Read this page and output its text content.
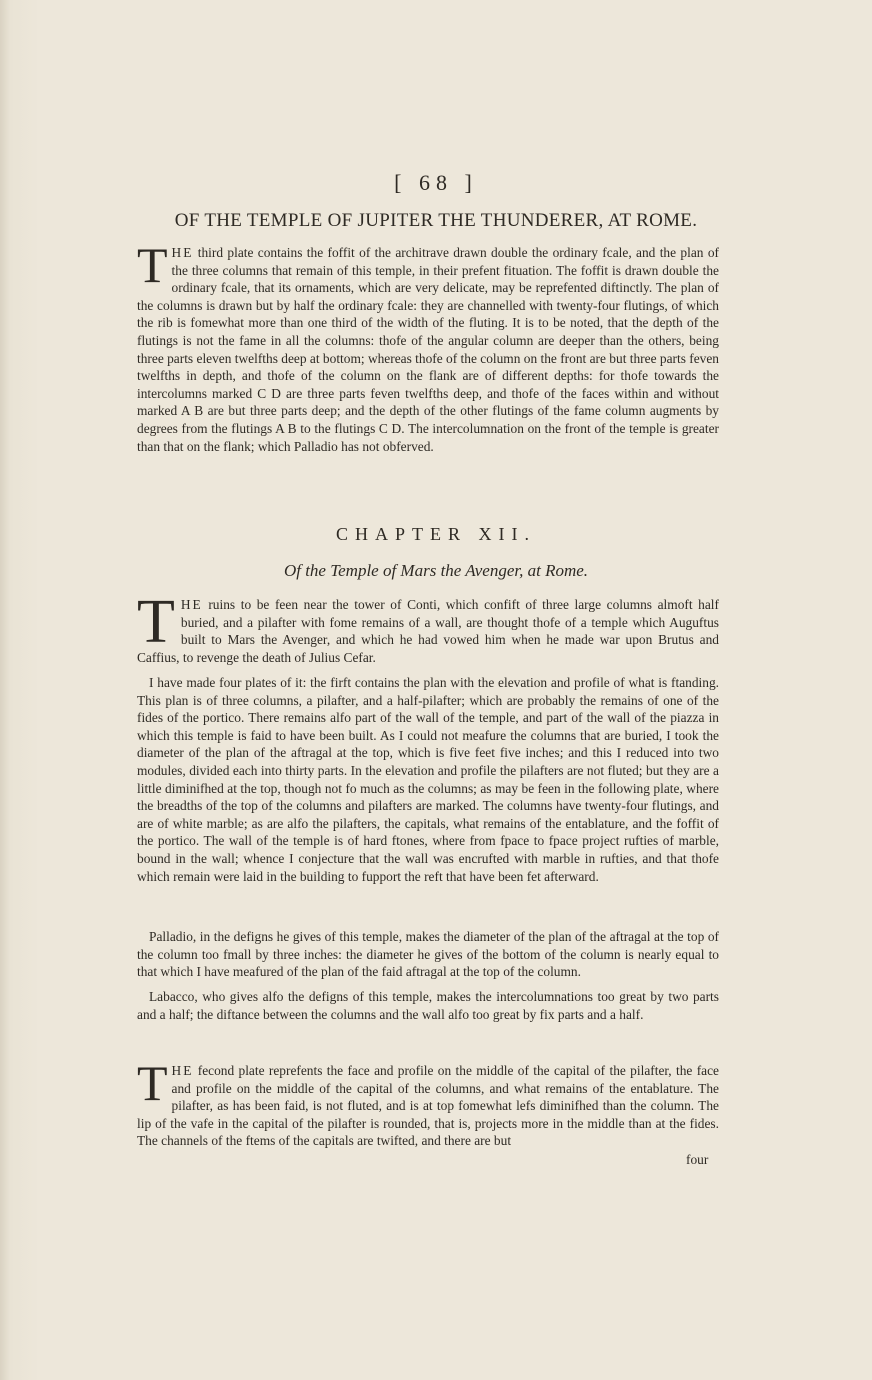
[ 68 ]
OF THE TEMPLE OF JUPITER THE THUNDERER, AT ROME.

THE third plate contains the foffit of the architrave drawn double the ordinary fcale, and the plan of the three columns that remain of this temple, in their prefent fituation. The foffit is drawn double the ordinary fcale, that its ornaments, which are very delicate, may be reprefented diftinctly. The plan of the columns is drawn but by half the ordinary fcale: they are channelled with twenty-four flutings, of which the rib is fomewhat more than one third of the width of the fluting. It is to be noted, that the depth of the flutings is not the fame in all the columns: thofe of the angular column are deeper than the others, being three parts eleven twelfths deep at bottom; whereas thofe of the column on the front are but three parts feven twelfths in depth, and thofe of the column on the flank are of different depths: for thofe towards the intercolumns marked C D are three parts feven twelfths deep, and thofe of the faces within and without marked A B are but three parts deep; and the depth of the other flutings of the fame column augments by degrees from the flutings A B to the flutings C D. The intercolumnation on the front of the temple is greater than that on the flank; which Palladio has not obferved.

CHAPTER XII.
Of the Temple of Mars the Avenger, at Rome.

THE ruins to be feen near the tower of Conti, which confift of three large columns almoft half buried, and a pilafter with fome remains of a wall, are thought thofe of a temple which Auguftus built to Mars the Avenger, and which he had vowed him when he made war upon Brutus and Caffius, to revenge the death of Julius Cefar.

I have made four plates of it: the firft contains the plan with the elevation and profile of what is ftanding. This plan is of three columns, a pilafter, and a half-pilafter; which are probably the remains of one of the fides of the portico. There remains alfo part of the wall of the temple, and part of the wall of the piazza in which this temple is faid to have been built. As I could not meafure the columns that are buried, I took the diameter of the plan of the aftragal at the top, which is five feet five inches; and this I reduced into two modules, divided each into thirty parts. In the elevation and profile the pilafters are not fluted; but they are a little diminifhed at the top, though not fo much as the columns; as may be feen in the following plate, where the breadths of the top of the columns and pilafters are marked. The columns have twenty-four flutings, and are of white marble; as are alfo the pilafters, the capitals, what remains of the entablature, and the foffit of the portico. The wall of the temple is of hard ftones, where from fpace to fpace project rufties of marble, bound in the wall; whence I conjecture that the wall was encrufted with marble in rufties, and that thofe which remain were laid in the building to fupport the reft that have been fet afterward.

Palladio, in the defigns he gives of this temple, makes the diameter of the plan of the aftragal at the top of the column too fmall by three inches: the diameter he gives of the bottom of the column is nearly equal to that which I have meafured of the plan of the faid aftragal at the top of the column.

Labacco, who gives alfo the defigns of this temple, makes the intercolumnations too great by two parts and a half; the diftance between the columns and the wall alfo too great by fix parts and a half.

THE fecond plate reprefents the face and profile on the middle of the capital of the pilafter, the face and profile on the middle of the capital of the columns, and what remains of the entablature. The pilafter, as has been faid, is not fluted, and is at top fomewhat lefs diminifhed than the column. The lip of the vafe in the capital of the pilafter is rounded, that is, projects more in the middle than at the fides. The channels of the ftems of the capitals are twifted, and there are but

four
